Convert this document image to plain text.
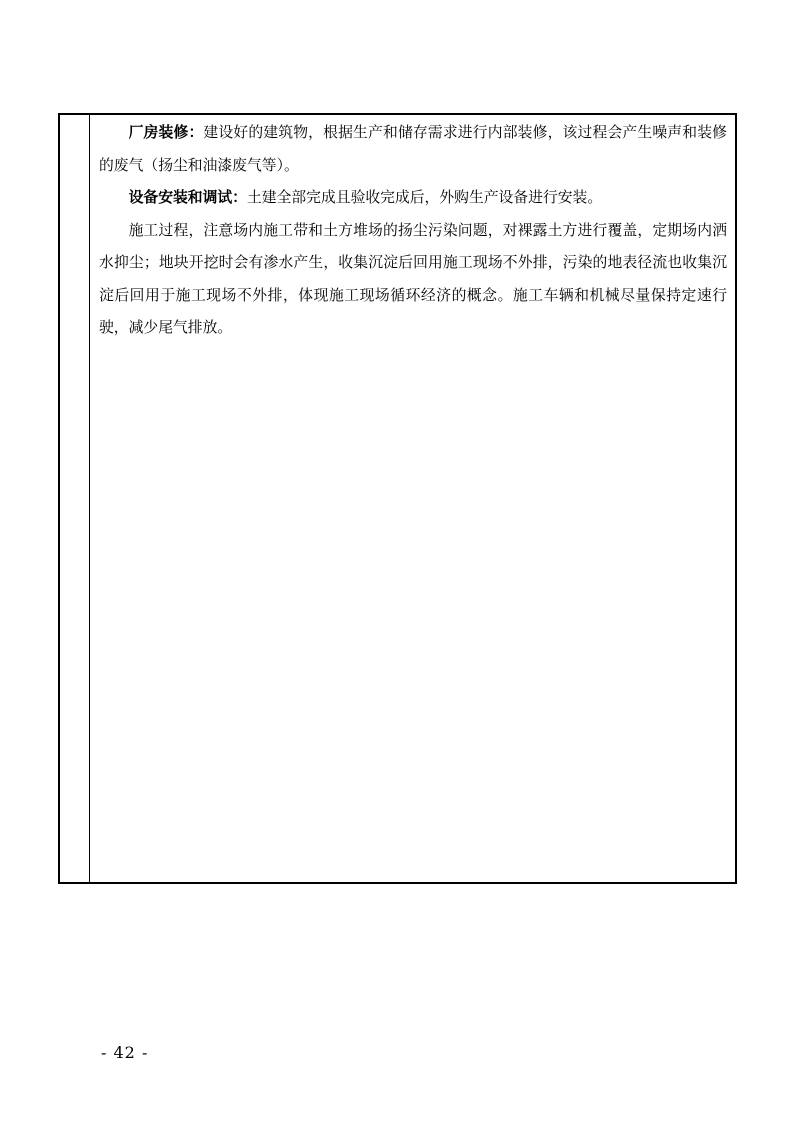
厂房装修：建设好的建筑物，根据生产和储存需求进行内部装修，该过程会产生噪声和装修的废气（扬尘和油漆废气等）。

设备安装和调试：土建全部完成且验收完成后，外购生产设备进行安装。

施工过程，注意场内施工带和土方堆场的扬尘污染问题，对裸露土方进行覆盖，定期场内洒水抑尘；地块开挖时会有渗水产生，收集沉淀后回用施工现场不外排，污染的地表径流也收集沉淀后回用于施工现场不外排，体现施工现场循环经济的概念。施工车辆和机械尽量保持定速行驶，减少尾气排放。

- 42 -
